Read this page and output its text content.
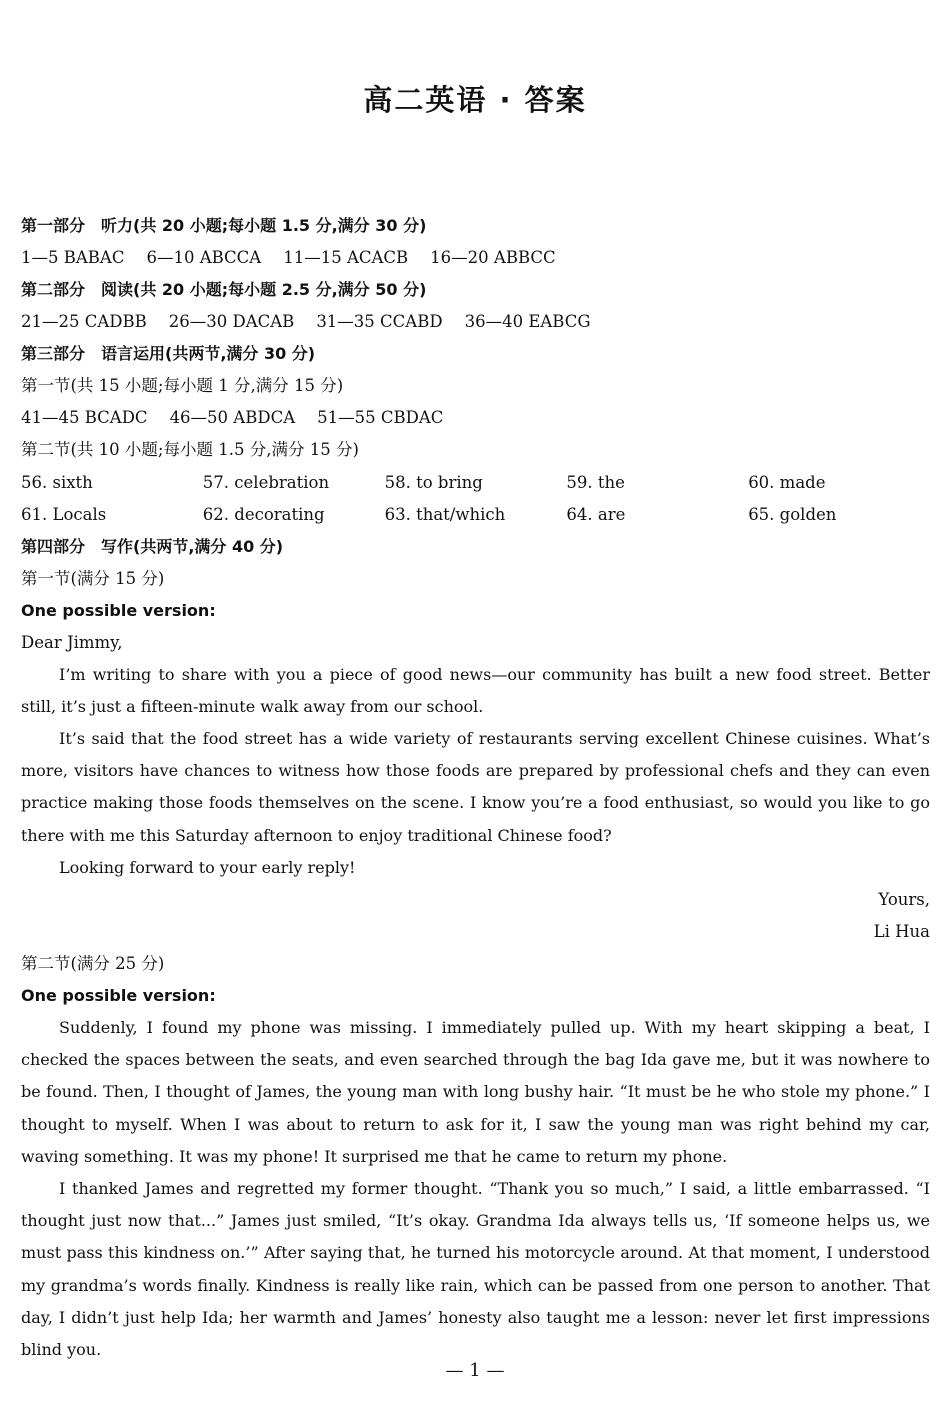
高二英语 · 答案
第一部分　听力(共 20 小题;每小题 1.5 分,满分 30 分)
1—5 BABAC 6—10 ABCCA 11—15 ACACB 16—20 ABBCC
第二部分　阅读(共 20 小题;每小题 2.5 分,满分 50 分)
21—25 CADBB 26—30 DACAB 31—35 CCABD 36—40 EABCG
第三部分　语言运用(共两节,满分 30 分)
第一节(共 15 小题;每小题 1 分,满分 15 分)
41—45 BCADC 46—50 ABDCA 51—55 CBDAC
第二节(共 10 小题;每小题 1.5 分,满分 15 分)
56. sixth	57. celebration	58. to bring	59. the	60. made
61. Locals	62. decorating	63. that/which	64. are	65. golden
第四部分　写作(共两节,满分 40 分)
第一节(满分 15 分)
One possible version:
Dear Jimmy,
I’m writing to share with you a piece of good news—our community has built a new food street. Better still, it’s just a fifteen-minute walk away from our school.
It’s said that the food street has a wide variety of restaurants serving excellent Chinese cuisines. What’s more, visitors have chances to witness how those foods are prepared by professional chefs and they can even practice making those foods themselves on the scene. I know you’re a food enthusiast, so would you like to go there with me this Saturday afternoon to enjoy traditional Chinese food?
Looking forward to your early reply!
Yours,
Li Hua
第二节(满分 25 分)
One possible version:
Suddenly, I found my phone was missing. I immediately pulled up. With my heart skipping a beat, I checked the spaces between the seats, and even searched through the bag Ida gave me, but it was nowhere to be found. Then, I thought of James, the young man with long bushy hair. “It must be he who stole my phone.” I thought to myself. When I was about to return to ask for it, I saw the young man was right behind my car, waving something. It was my phone! It surprised me that he came to return my phone.
I thanked James and regretted my former thought. “Thank you so much,” I said, a little embarrassed. “I thought just now that...” James just smiled, “It’s okay. Grandma Ida always tells us, ‘If someone helps us, we must pass this kindness on.’” After saying that, he turned his motorcycle around. At that moment, I understood my grandma’s words finally. Kindness is really like rain, which can be passed from one person to another. That day, I didn’t just help Ida; her warmth and James’ honesty also taught me a lesson: never let first impressions blind you.
— 1 —
